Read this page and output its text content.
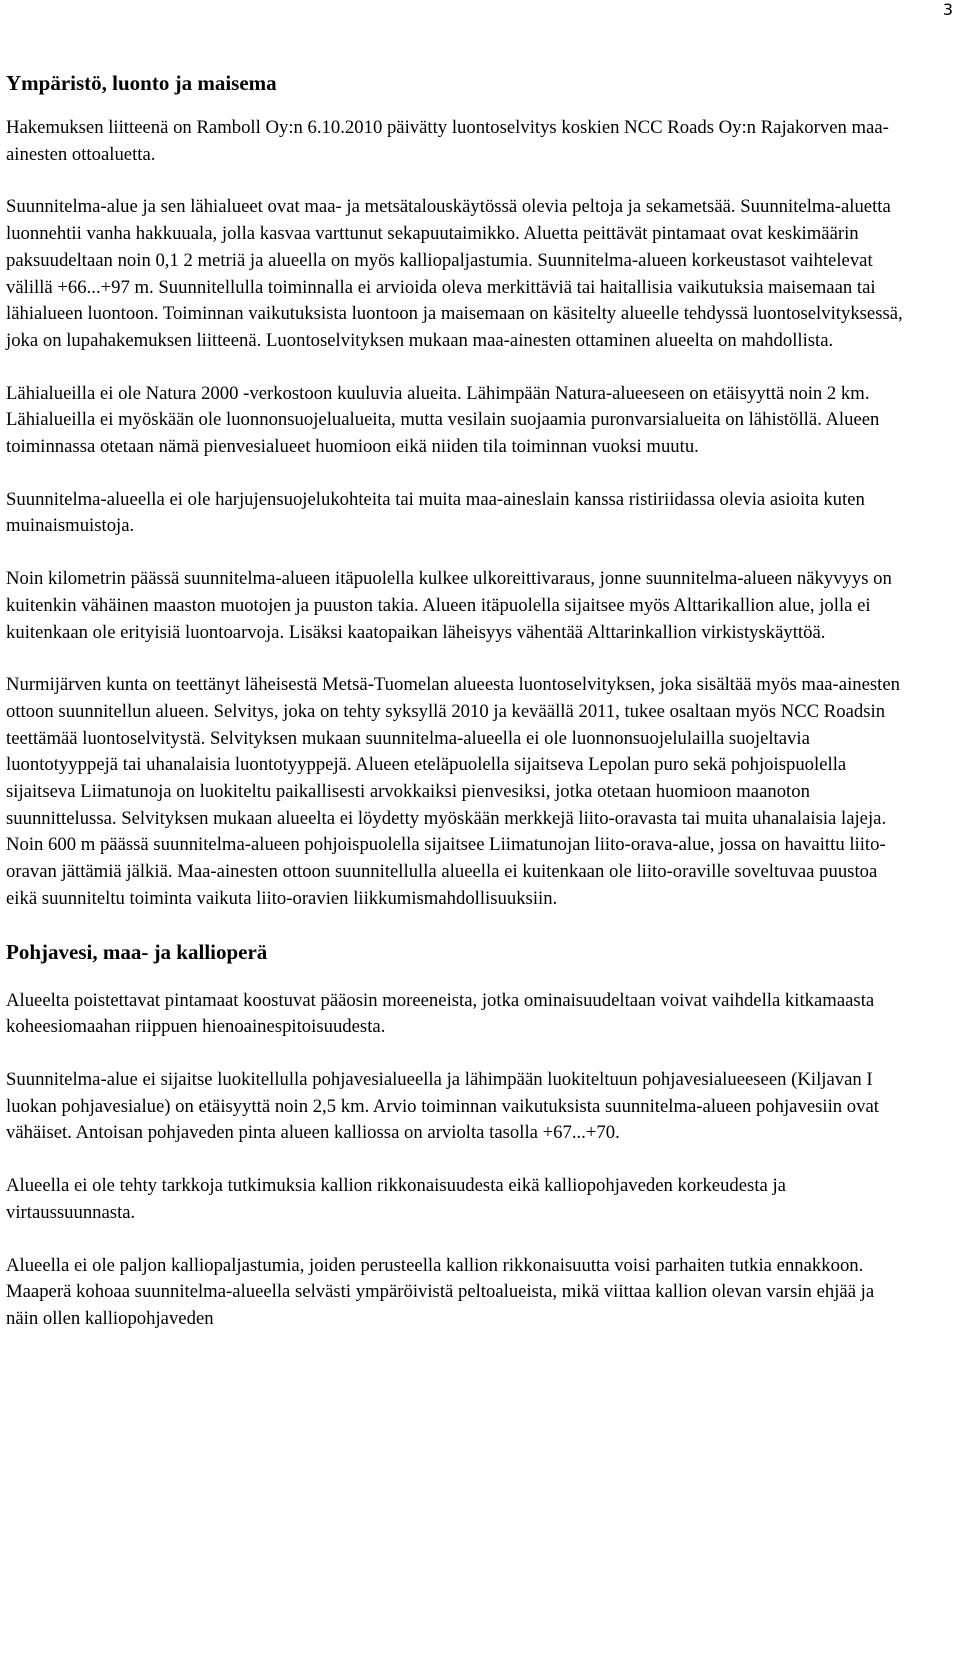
3
Ympäristö, luonto ja maisema

Hakemuksen liitteenä on Ramboll Oy:n 6.10.2010 päivätty luontoselvitys koskien NCC Roads Oy:n Rajakorven maa-ainesten ottoaluetta.

Suunnitelma-alue ja sen lähialueet ovat maa- ja metsätalouskäytössä olevia peltoja ja sekametsää. Suunnitelma-aluetta luonnehtii vanha hakkuuala, jolla kasvaa varttunut sekapuutaimikko. Aluetta peittävät pintamaat ovat keskimäärin paksuudeltaan noin 0,1 2 metriä ja alueella on myös kalliopaljastumia. Suunnitelma-alueen korkeustasot vaihtelevat välillä +66...+97 m. Suunnitellulla toiminnalla ei arvioida oleva merkittäviä tai haitallisia vaikutuksia maisemaan tai lähialueen luontoon. Toiminnan vaikutuksista luontoon ja maisemaan on käsitelty alueelle tehdyssä luontoselvityksessä, joka on lupahakemuksen liitteenä. Luontoselvityksen mukaan maa-ainesten ottaminen alueelta on mahdollista.

Lähialueilla ei ole Natura 2000 -verkostoon kuuluvia alueita. Lähimpään Natura-alueeseen on etäisyyttä noin 2 km. Lähialueilla ei myöskään ole luonnonsuojelualueita, mutta vesilain suojaamia puronvarsialueita on lähistöllä. Alueen toiminnassa otetaan nämä pienvesialueet huomioon eikä niiden tila toiminnan vuoksi muutu.

Suunnitelma-alueella ei ole harjujensuojelukohteita tai muita maa-aineslain kanssa ristiriidassa olevia asioita kuten muinaismuistoja.

Noin kilometrin päässä suunnitelma-alueen itäpuolella kulkee ulkoreittivaraus, jonne suunnitelma-alueen näkyvyys on kuitenkin vähäinen maaston muotojen ja puuston takia. Alueen itäpuolella sijaitsee myös Alttarikallion alue, jolla ei kuitenkaan ole erityisiä luontoarvoja. Lisäksi kaatopaikan läheisyys vähentää Alttarinkallion virkistyskäyttöä.

Nurmijärven kunta on teettänyt läheisestä Metsä-Tuomelan alueesta luontoselvityksen, joka sisältää myös maa-ainesten ottoon suunnitellun alueen. Selvitys, joka on tehty syksyllä 2010 ja keväällä 2011, tukee osaltaan myös NCC Roadsin teettämää luontoselvitystä. Selvityksen mukaan suunnitelma-alueella ei ole luonnonsuojelulailla suojeltavia luontotyyppejä tai uhanalaisia luontotyyppejä. Alueen eteläpuolella sijaitseva Lepolan puro sekä pohjoispuolella sijaitseva Liimatunoja on luokiteltu paikallisesti arvokkaiksi pienvesiksi, jotka otetaan huomioon maanoton suunnittelussa. Selvityksen mukaan alueelta ei löydetty myöskään merkkejä liito-oravasta tai muita uhanalaisia lajeja. Noin 600 m päässä suunnitelma-alueen pohjoispuolella sijaitsee Liimatunojan liito-orava-alue, jossa on havaittu liito-oravan jättämiä jälkiä. Maa-ainesten ottoon suunnitellulla alueella ei kuitenkaan ole liito-oraville soveltuvaa puustoa eikä suunniteltu toiminta vaikuta liito-oravien liikkumismahdollisuuksiin.

Pohjavesi, maa- ja kallioperä

Alueelta poistettavat pintamaat koostuvat pääosin moreeneista, jotka ominaisuudeltaan voivat vaihdella kitkamaasta koheesiomaahan riippuen hienoainespitoisuudesta.

Suunnitelma-alue ei sijaitse luokitellulla pohjavesialueella ja lähimpään luokiteltuun pohjavesialueeseen (Kiljavan I luokan pohjavesialue) on etäisyyttä noin 2,5 km. Arvio toiminnan vaikutuksista suunnitelma-alueen pohjavesiin ovat vähäiset. Antoisan pohjaveden pinta alueen kalliossa on arviolta tasolla +67...+70.

Alueella ei ole tehty tarkkoja tutkimuksia kallion rikkonaisuudesta eikä kalliopohjaveden korkeudesta ja virtaussuunnasta.

Alueella ei ole paljon kalliopaljastumia, joiden perusteella kallion rikkonaisuutta voisi parhaiten tutkia ennakkoon. Maaperä kohoaa suunnitelma-alueella selvästi ympäröivistä peltoalueista, mikä viittaa kallion olevan varsin ehjää ja näin ollen kalliopohjaveden
